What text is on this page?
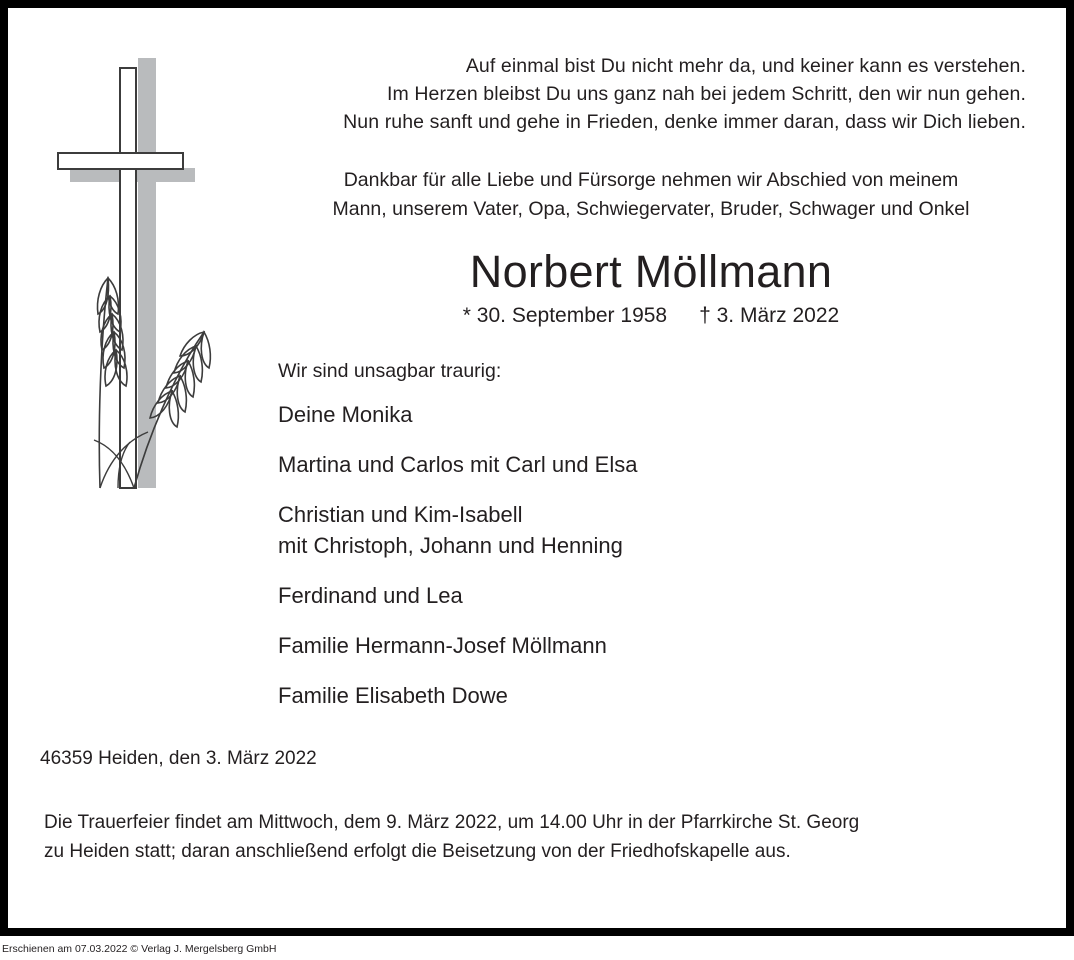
Auf einmal bist Du nicht mehr da, und keiner kann es verstehen.
Im Herzen bleibst Du uns ganz nah bei jedem Schritt, den wir nun gehen.
Nun ruhe sanft und gehe in Frieden, denke immer daran, dass wir Dich lieben.
Dankbar für alle Liebe und Fürsorge nehmen wir Abschied von meinem
Mann, unserem Vater, Opa, Schwiegervater, Bruder, Schwager und Onkel
Norbert Möllmann
* 30. September 1958 † 3. März 2022
Wir sind unsagbar traurig:
Deine Monika
Martina und Carlos mit Carl und Elsa
Christian und Kim-Isabell
mit Christoph, Johann und Henning
Ferdinand und Lea
Familie Hermann-Josef Möllmann
Familie Elisabeth Dowe
46359 Heiden, den 3. März 2022
Die Trauerfeier findet am Mittwoch, dem 9. März 2022, um 14.00 Uhr in der Pfarrkirche St. Georg
zu Heiden statt; daran anschließend erfolgt die Beisetzung von der Friedhofskapelle aus.
Erschienen am 07.03.2022 © Verlag J. Mergelsberg GmbH
